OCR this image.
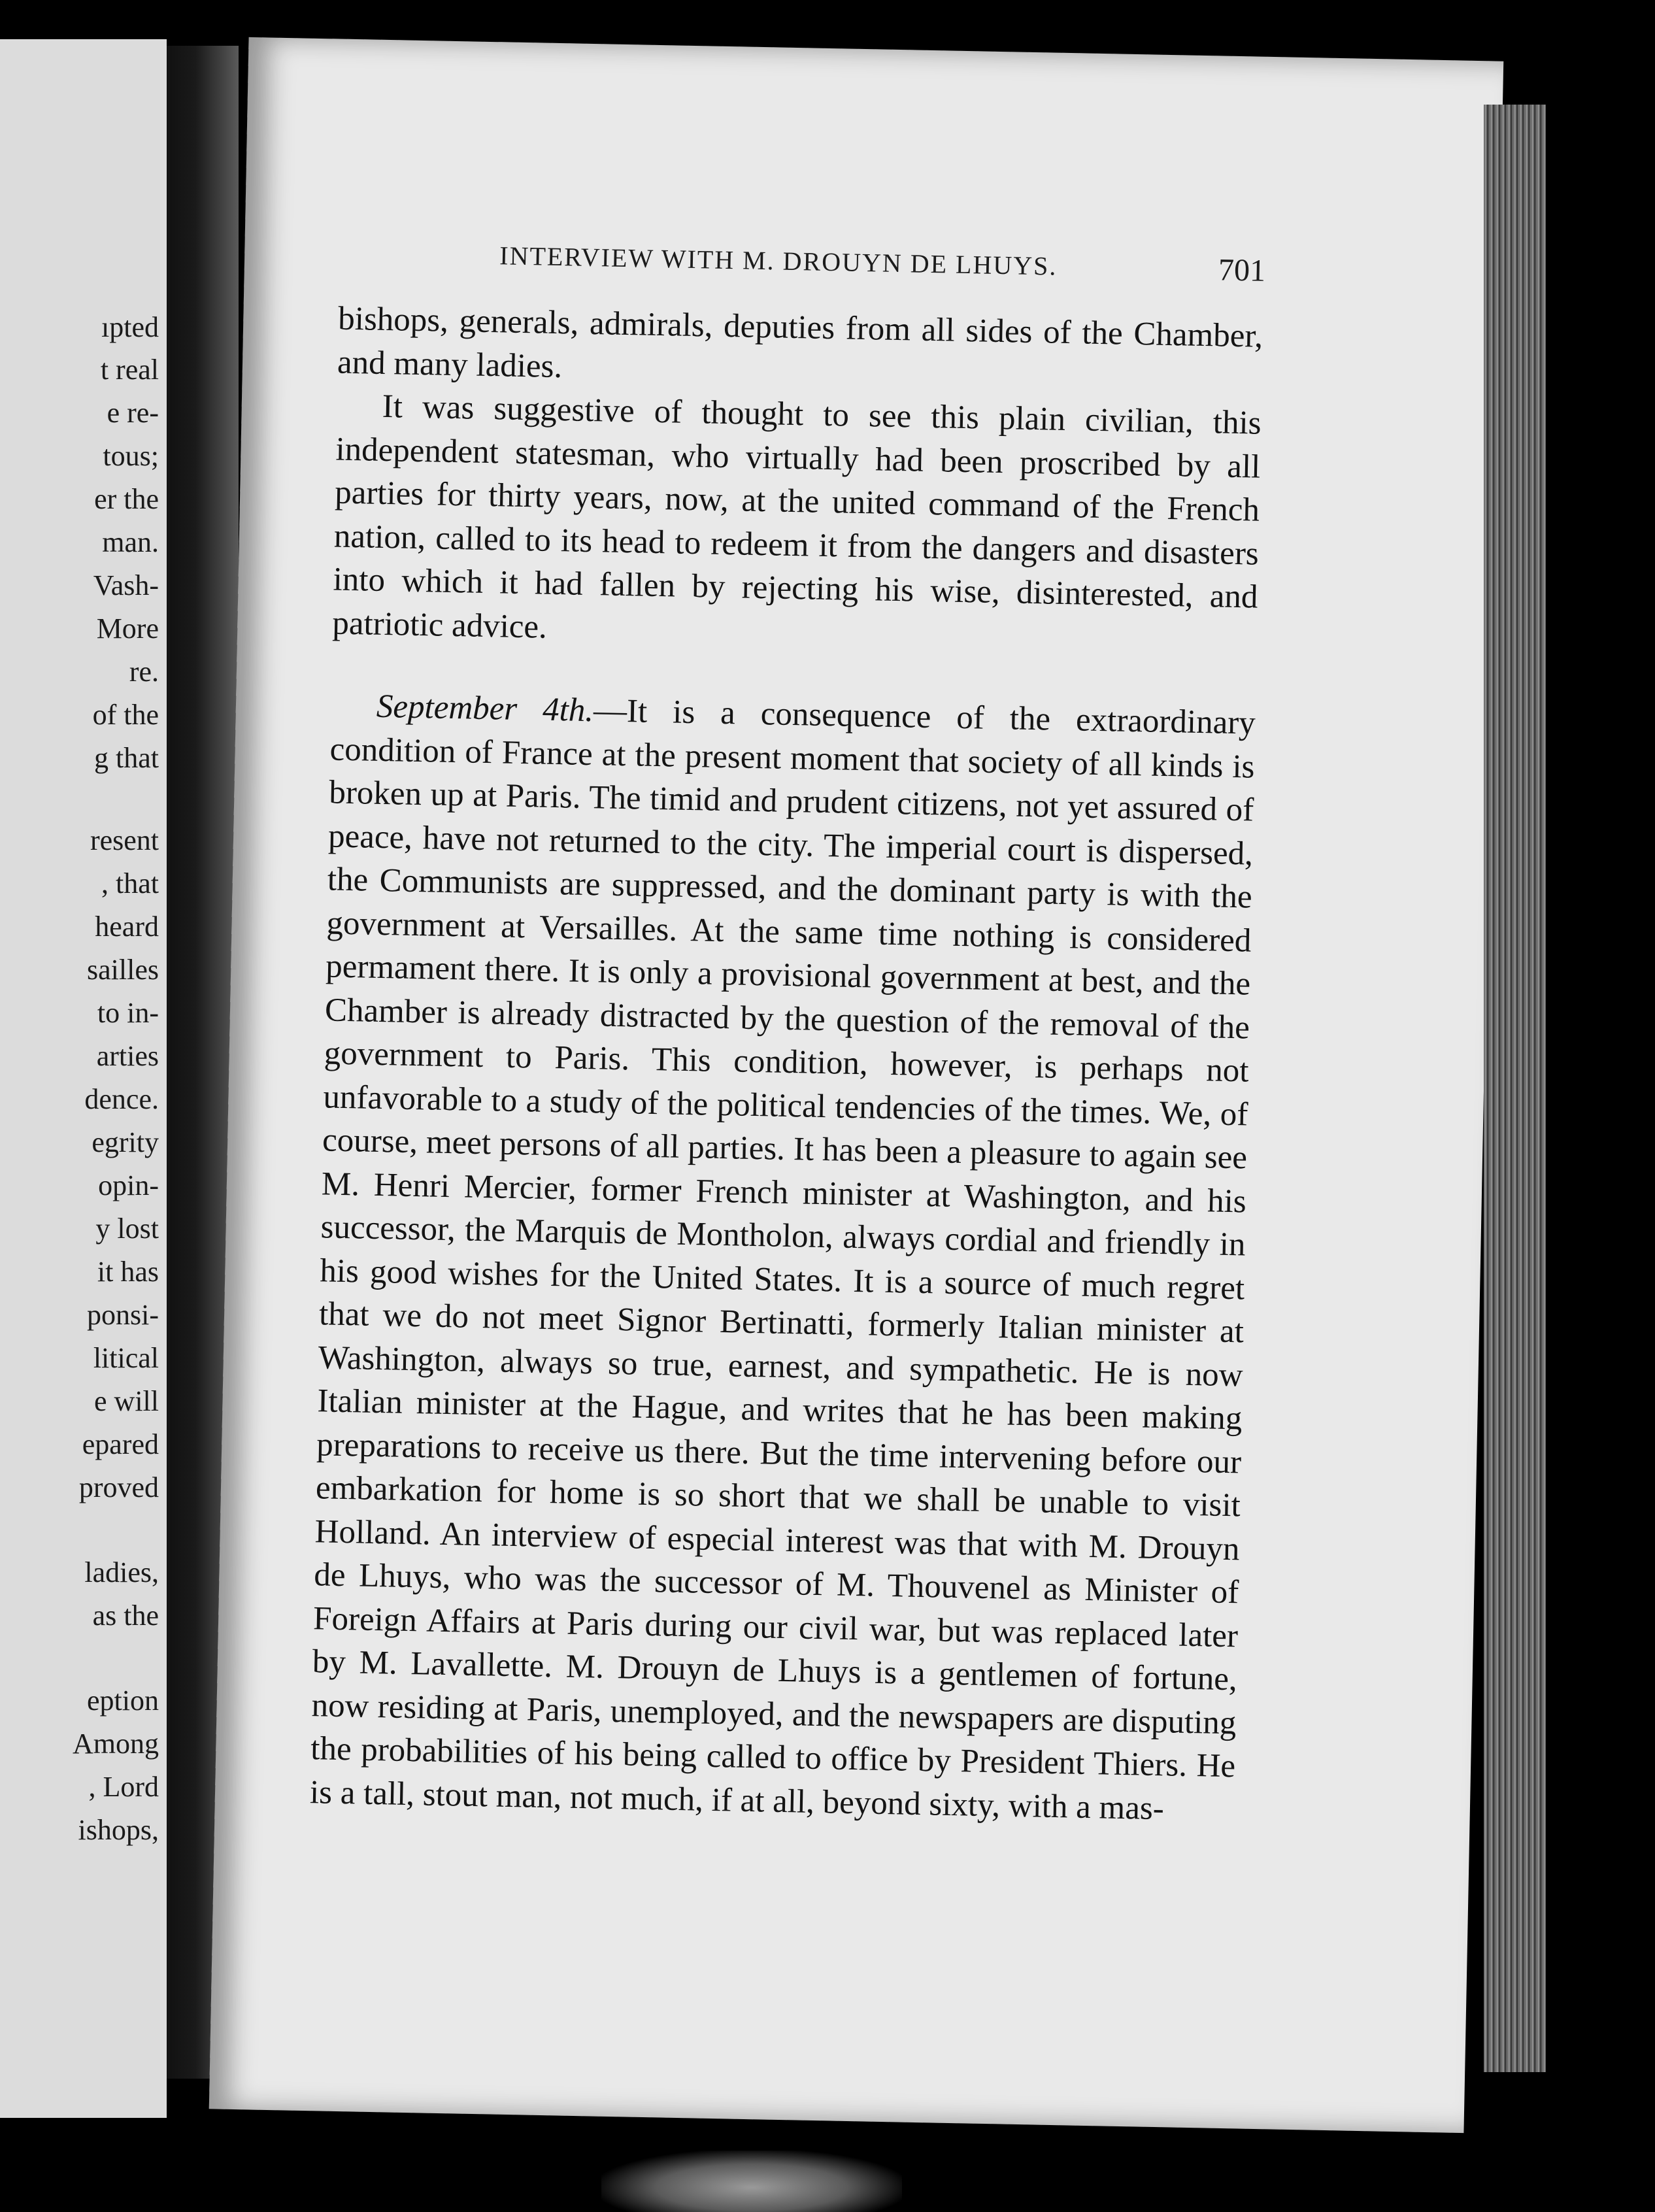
ıpted

t real

e re-

tous;

er the

man.

Vash-

More

re.

of the

g that

resent

, that

heard

sailles

to in-

arties

dence.

egrity

opin-

y lost

it has

ponsi-

litical

e will

epared

proved

ladies,

as the

eption

Among

, Lord

ishops,

INTERVIEW WITH M. DROUYN DE LHUYS.	701

bishops, generals, admirals, deputies from all sides of the Chamber, and many ladies.

It was suggestive of thought to see this plain civilian, this independent statesman, who virtually had been proscribed by all parties for thirty years, now, at the united command of the French nation, called to its head to redeem it from the dangers and disasters into which it had fallen by rejecting his wise, disinterested, and patriotic advice.

September 4th.—It is a consequence of the extraordinary condition of France at the present moment that society of all kinds is broken up at Paris. The timid and prudent citizens, not yet assured of peace, have not returned to the city. The imperial court is dispersed, the Communists are suppressed, and the dominant party is with the government at Versailles. At the same time nothing is considered permament there. It is only a provisional government at best, and the Chamber is already distracted by the question of the removal of the government to Paris. This condition, however, is perhaps not unfavorable to a study of the political tendencies of the times. We, of course, meet persons of all parties. It has been a pleasure to again see M. Henri Mercier, former French minister at Washington, and his successor, the Marquis de Montholon, always cordial and friendly in his good wishes for the United States. It is a source of much regret that we do not meet Signor Bertinatti, formerly Italian minister at Washington, always so true, earnest, and sympathetic. He is now Italian minister at the Hague, and writes that he has been making preparations to receive us there. But the time intervening before our embarkation for home is so short that we shall be unable to visit Holland. An interview of especial interest was that with M. Drouyn de Lhuys, who was the successor of M. Thouvenel as Minister of Foreign Affairs at Paris during our civil war, but was replaced later by M. Lavallette. M. Drouyn de Lhuys is a gentlemen of fortune, now residing at Paris, unemployed, and the newspapers are disputing the probabilities of his being called to office by President Thiers. He is a tall, stout man, not much, if at all, beyond sixty, with a mas-
